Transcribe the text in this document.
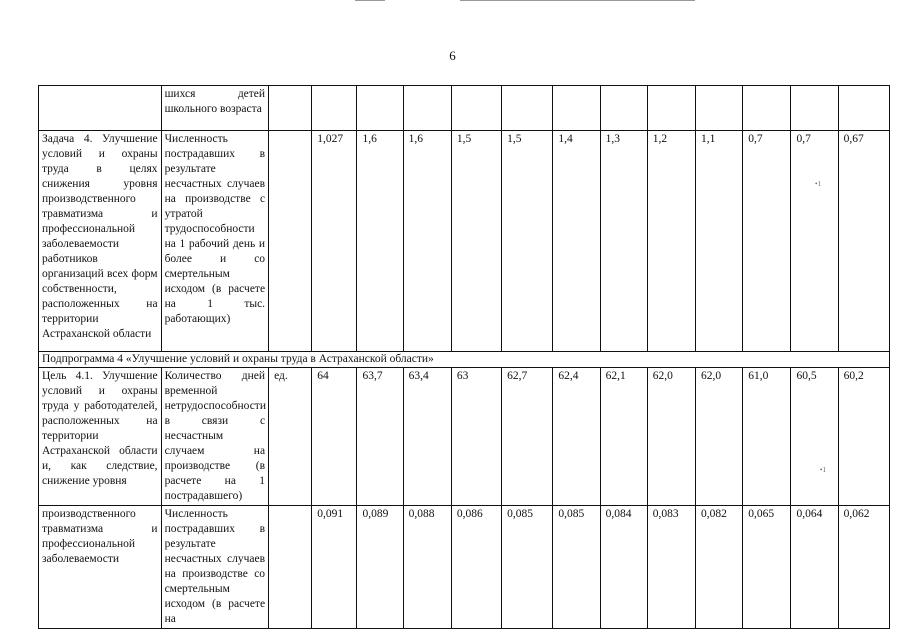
6
	шихся детей школьного возраста													
Задача 4. Улучшение условий и охраны труда в целях снижения уровня производственного травматизма и профессиональной заболеваемости работников организаций всех форм собственности, расположенных на территории Астраханской области	Численность пострадавших в результате несчастных случаев на производстве с утратой трудоспособности на 1 рабочий день и более и со смертельным исходом (в расчете на 1 тыс. работающих)		1,027	1,6	1,6	1,5	1,5	1,4	1,3	1,2	1,1	0,7	0,7	0,67
Подпрограмма 4 «Улучшение условий и охраны труда в Астраханской области»														
Цель 4.1. Улучшение условий и охраны труда у работодателей, расположенных на территории Астраханской области и, как следствие, снижение уровня	Количество дней временной нетрудоспособности в связи с несчастным случаем на производстве (в расчете на 1 пострадавшего)	ед.	64	63,7	63,4	63	62,7	62,4	62,1	62,0	62,0	61,0	60,5	60,2
производственного травматизма и профессиональной заболеваемости	Численность пострадавших в результате несчастных случаев на производстве со смертельным исходом (в расчете на		0,091	0,089	0,088	0,086	0,085	0,085	0,084	0,083	0,082	0,065	0,064	0,062
•1
•1
